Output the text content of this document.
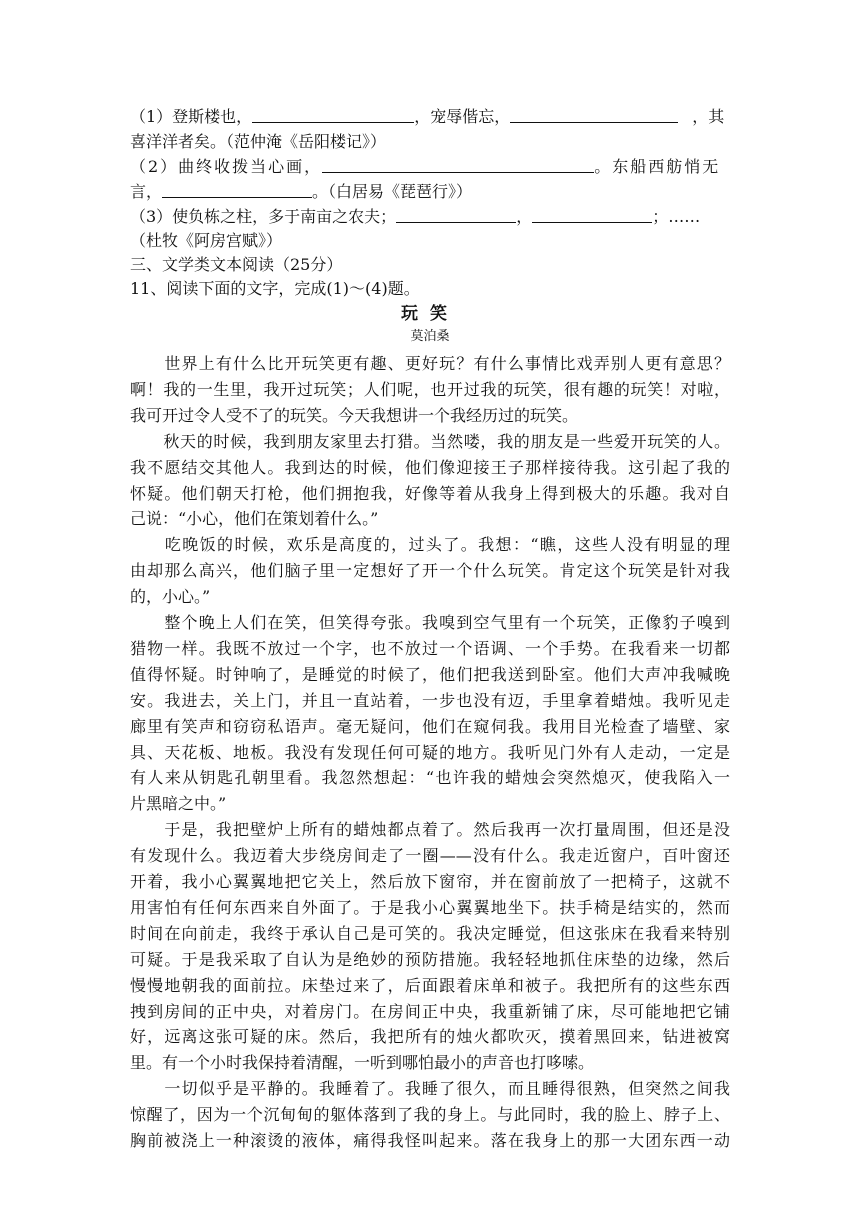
（1）登斯楼也，	，宠辱偕忘，	，其
喜洋洋者矣。（范仲淹《岳阳楼记》）
（2）曲终收拨当心画，	。东船西舫悄无
言，	。（白居易《琵琶行》）
（3）使负栋之柱，多于南亩之农夫；	，	；……
（杜牧《阿房宫赋》）
三、文学类文本阅读（25分）
11、阅读下面的文字，完成(1)～(4)题。
玩笑
莫泊桑
　　世界上有什么比开玩笑更有趣、更好玩？有什么事情比戏弄别人更有意思？
啊！我的一生里，我开过玩笑；人们呢，也开过我的玩笑，很有趣的玩笑！对啦，
我可开过令人受不了的玩笑。今天我想讲一个我经历过的玩笑。
　　秋天的时候，我到朋友家里去打猎。当然喽，我的朋友是一些爱开玩笑的人。
我不愿结交其他人。我到达的时候，他们像迎接王子那样接待我。这引起了我的
怀疑。他们朝天打枪，他们拥抱我，好像等着从我身上得到极大的乐趣。我对自
己说：“小心，他们在策划着什么。”
　　吃晚饭的时候，欢乐是高度的，过头了。我想：“瞧，这些人没有明显的理
由却那么高兴，他们脑子里一定想好了开一个什么玩笑。肯定这个玩笑是针对我
的，小心。”
　　整个晚上人们在笑，但笑得夸张。我嗅到空气里有一个玩笑，正像豹子嗅到
猎物一样。我既不放过一个字，也不放过一个语调、一个手势。在我看来一切都
值得怀疑。时钟响了，是睡觉的时候了，他们把我送到卧室。他们大声冲我喊晚
安。我进去，关上门，并且一直站着，一步也没有迈，手里拿着蜡烛。我听见走
廊里有笑声和窃窃私语声。毫无疑问，他们在窥伺我。我用目光检查了墙壁、家
具、天花板、地板。我没有发现任何可疑的地方。我听见门外有人走动，一定是
有人来从钥匙孔朝里看。我忽然想起：“也许我的蜡烛会突然熄灭，使我陷入一
片黑暗之中。”
　　于是，我把壁炉上所有的蜡烛都点着了。然后我再一次打量周围，但还是没
有发现什么。我迈着大步绕房间走了一圈——没有什么。我走近窗户，百叶窗还
开着，我小心翼翼地把它关上，然后放下窗帘，并在窗前放了一把椅子，这就不
用害怕有任何东西来自外面了。于是我小心翼翼地坐下。扶手椅是结实的，然而
时间在向前走，我终于承认自己是可笑的。我决定睡觉，但这张床在我看来特别
可疑。于是我采取了自认为是绝妙的预防措施。我轻轻地抓住床垫的边缘，然后
慢慢地朝我的面前拉。床垫过来了，后面跟着床单和被子。我把所有的这些东西
拽到房间的正中央，对着房门。在房间正中央，我重新铺了床，尽可能地把它铺
好，远离这张可疑的床。然后，我把所有的烛火都吹灭，摸着黑回来，钻进被窝
里。有一个小时我保持着清醒，一听到哪怕最小的声音也打哆嗦。
　　一切似乎是平静的。我睡着了。我睡了很久，而且睡得很熟，但突然之间我
惊醒了，因为一个沉甸甸的躯体落到了我的身上。与此同时，我的脸上、脖子上、
胸前被浇上一种滚烫的液体，痛得我怪叫起来。落在我身上的那一大团东西一动
